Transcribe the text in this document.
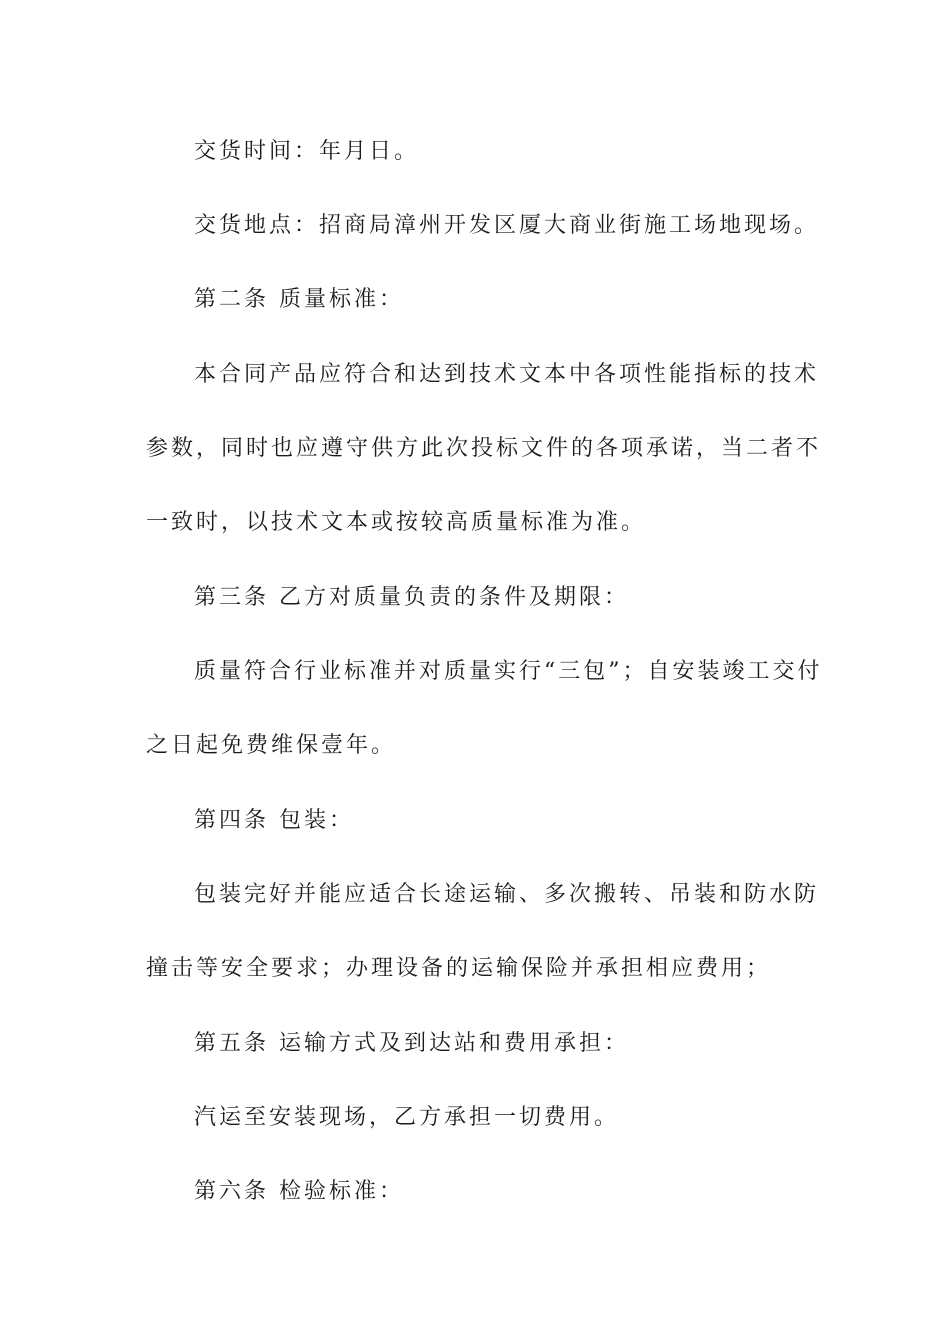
交货时间：年月日。
交货地点：招商局漳州开发区厦大商业街施工场地现场。
第二条 质量标准：
本合同产品应符合和达到技术文本中各项性能指标的技术
参数，同时也应遵守供方此次投标文件的各项承诺，当二者不
一致时，以技术文本或按较高质量标准为准。
第三条 乙方对质量负责的条件及期限：
质量符合行业标准并对质量实行“三包”；自安装竣工交付
之日起免费维保壹年。
第四条 包装：
包装完好并能应适合长途运输、多次搬转、吊装和防水防
撞击等安全要求；办理设备的运输保险并承担相应费用；
第五条 运输方式及到达站和费用承担：
汽运至安装现场，乙方承担一切费用。
第六条 检验标准：
